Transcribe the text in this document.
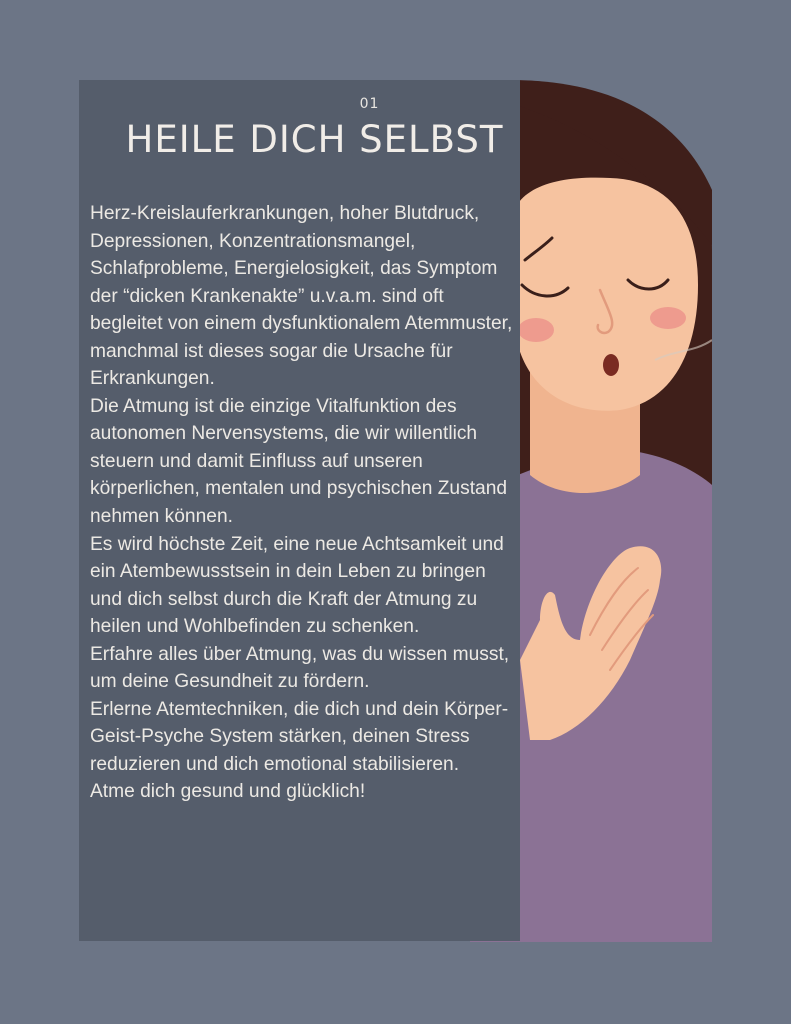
01
HEILE DICH SELBST

Herz-Kreislauferkrankungen, hoher Blutdruck, Depressionen, Konzentrationsmangel, Schlafprobleme, Energielosigkeit, das Symptom der “dicken Krankenakte” u.v.a.m. sind oft begleitet von einem dysfunktionalem Atemmuster, manchmal ist dieses sogar die Ursache für Erkrankungen.

Die Atmung ist die einzige Vitalfunktion des autonomen Nervensystems, die wir willentlich steuern und damit Einfluss auf unseren körperlichen, mentalen und psychischen Zustand nehmen können.

Es wird höchste Zeit, eine neue Achtsamkeit und ein Atembewusstsein in dein Leben zu bringen und dich selbst durch die Kraft der Atmung zu heilen und Wohlbefinden zu schenken.

Erfahre alles über Atmung, was du wissen musst, um deine Gesundheit zu fördern.

Erlerne Atemtechniken, die dich und dein Körper-Geist-Psyche System stärken, deinen Stress reduzieren und dich emotional stabilisieren.

Atme dich gesund und glücklich!
